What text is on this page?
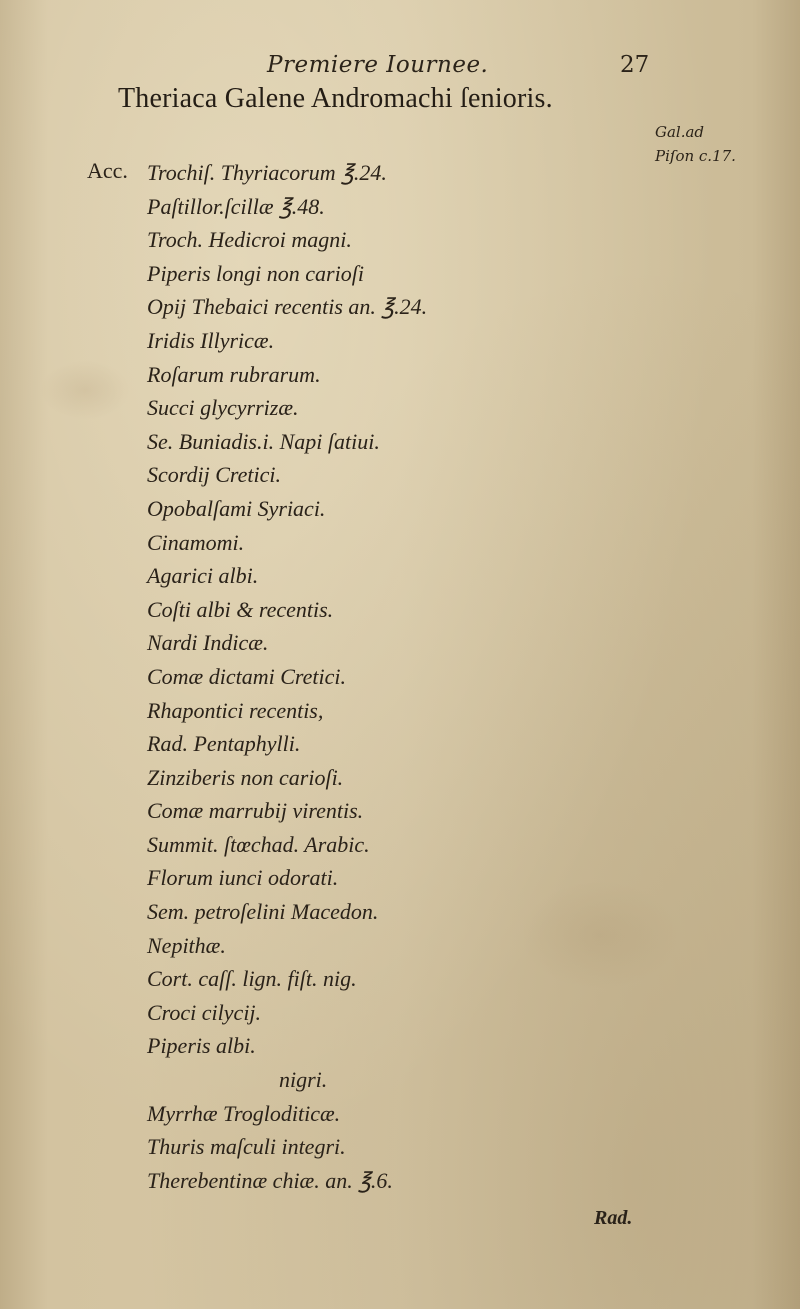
Premiere Iournee.	27
Theriaca Galene Andromachi ſenioris.
Gal.ad
Piſon c.17.
Acc. Trochiſ. Thyriacorum ℥.24.
Paſtillor.ſcillæ ℥.48.
Troch. Hedicroi magni.
Piperis longi non carioſi
Opij Thebaici recentis an. ℥.24.
Iridis Illyricæ.
Roſarum rubrarum.
Succi glycyrrizæ.
Se. Buniadis.i. Napi ſatiui.
Scordij Cretici.
Opobalſami Syriaci.
Cinamomi.
Agarici albi.
Coſti albi & recentis.
Nardi Indicæ.
Comæ dictami Cretici.
Rhapontici recentis,
Rad. Pentaphylli.
Zinziberis non carioſi.
Comæ marrubij virentis.
Summit. ſtœchad. Arabic.
Florum iunci odorati.
Sem. petroſelini Macedon.
Nepithæ.
Cort. caſſ. lign. fiſt. nig.
Croci cilycij.
Piperis albi.
nigri.
Myrrhæ Trogloditicæ.
Thuris maſculi integri.
Therebentinæ chiæ. an. ℥.6.
Rad.
